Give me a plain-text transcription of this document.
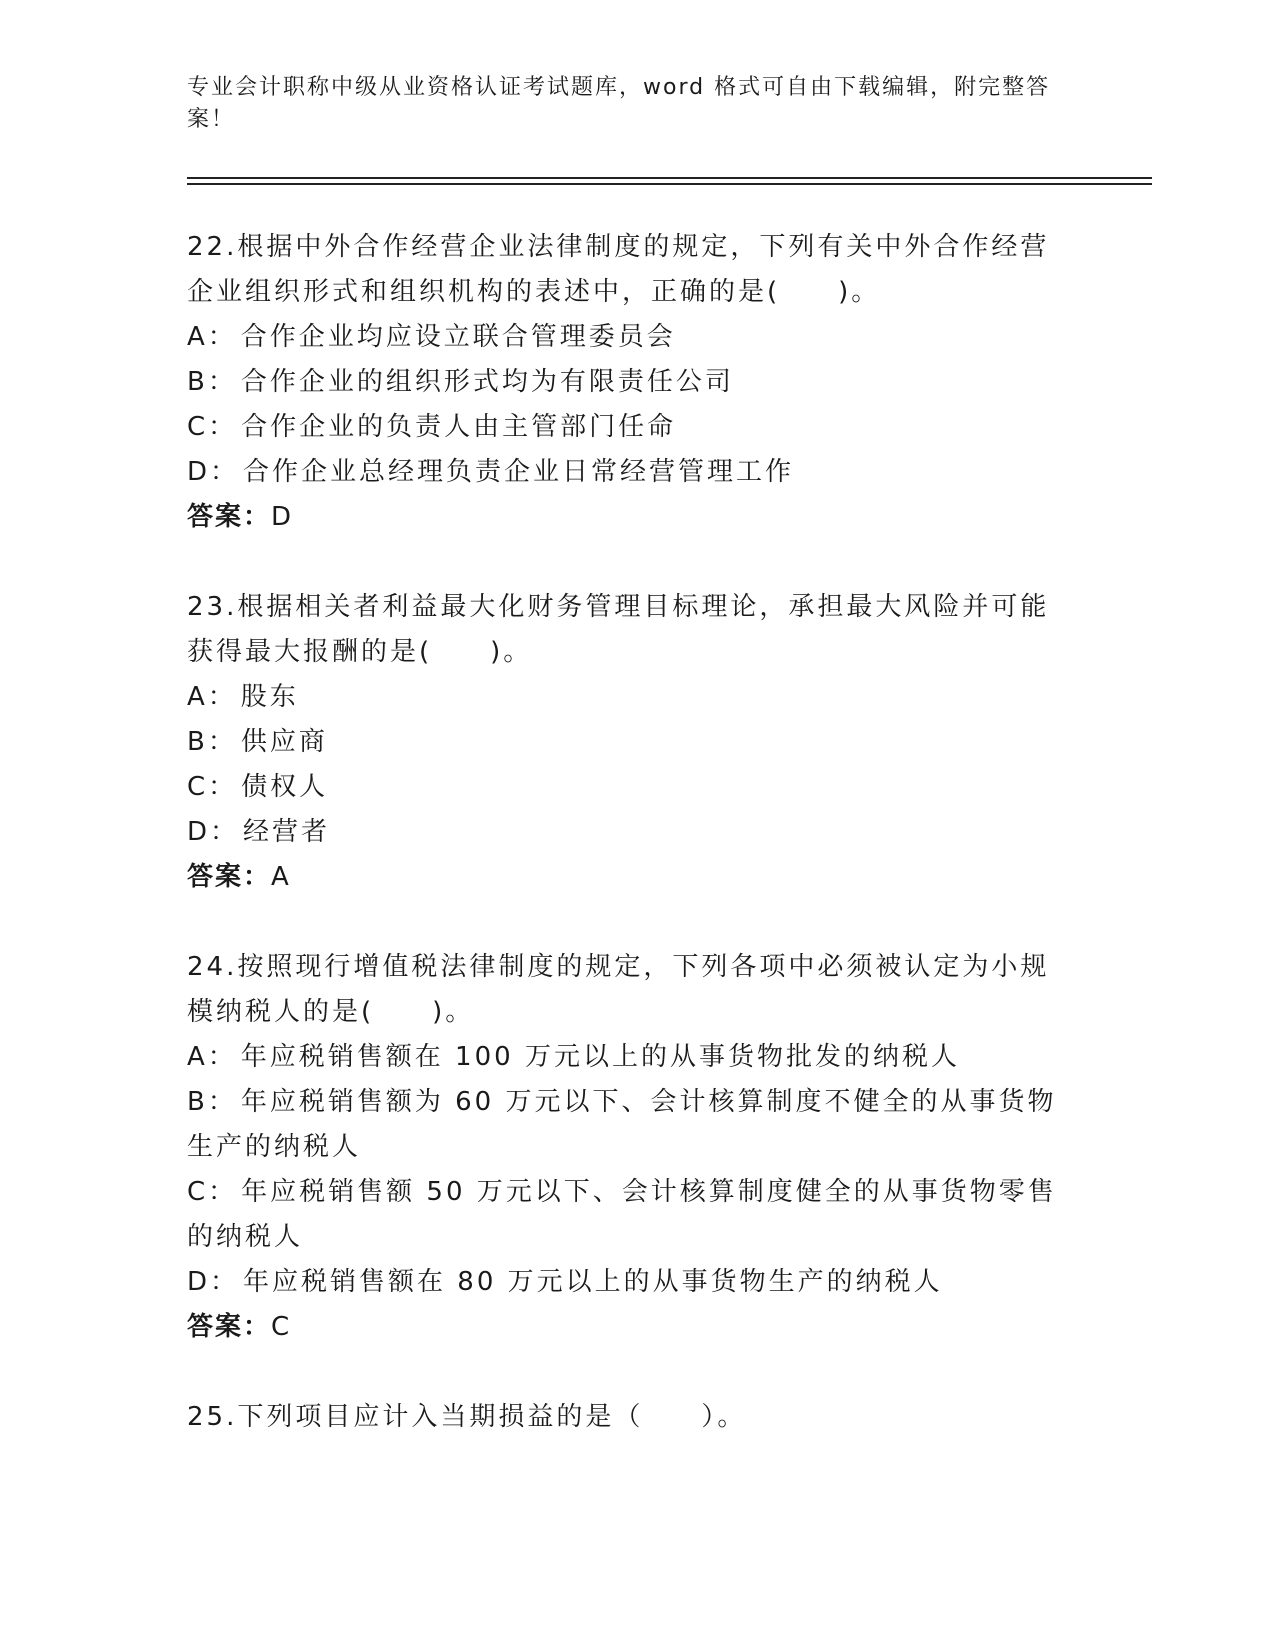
专业会计职称中级从业资格认证考试题库，word 格式可自由下载编辑，附完整答案！
22.根据中外合作经营企业法律制度的规定，下列有关中外合作经营企业组织形式和组织机构的表述中，正确的是(　　)。
A： 合作企业均应设立联合管理委员会
B： 合作企业的组织形式均为有限责任公司
C： 合作企业的负责人由主管部门任命
D： 合作企业总经理负责企业日常经营管理工作
答案：D
23.根据相关者利益最大化财务管理目标理论，承担最大风险并可能获得最大报酬的是(　　)。
A： 股东
B： 供应商
C： 债权人
D： 经营者
答案：A
24.按照现行增值税法律制度的规定，下列各项中必须被认定为小规模纳税人的是(　　)。
A： 年应税销售额在 100 万元以上的从事货物批发的纳税人
B： 年应税销售额为 60 万元以下、会计核算制度不健全的从事货物生产的纳税人
C： 年应税销售额 50 万元以下、会计核算制度健全的从事货物零售的纳税人
D： 年应税销售额在 80 万元以上的从事货物生产的纳税人
答案：C
25.下列项目应计入当期损益的是（　　）。
